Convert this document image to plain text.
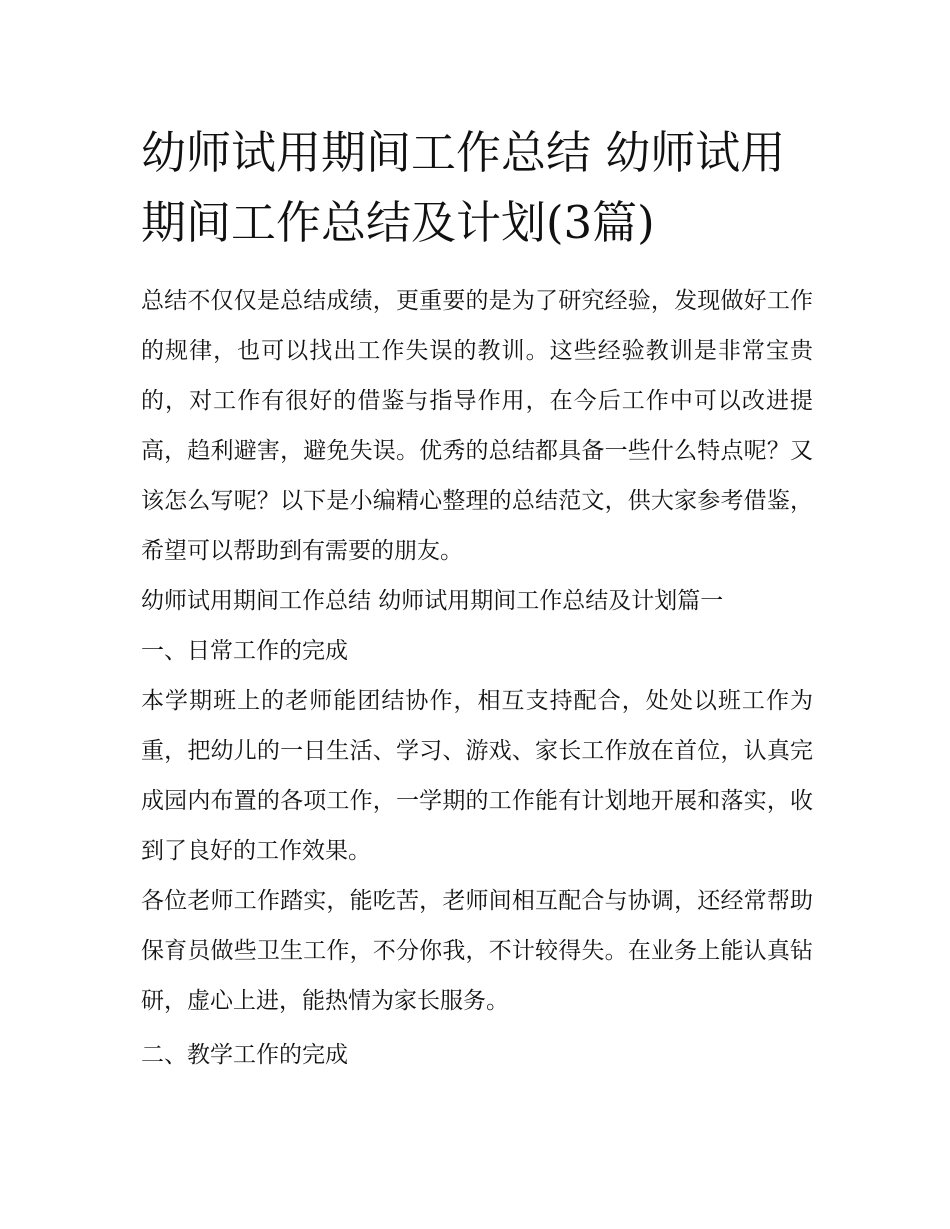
幼师试用期间工作总结 幼师试用期间工作总结及计划(3篇)

总结不仅仅是总结成绩，更重要的是为了研究经验，发现做好工作的规律，也可以找出工作失误的教训。这些经验教训是非常宝贵的，对工作有很好的借鉴与指导作用，在今后工作中可以改进提高，趋利避害，避免失误。优秀的总结都具备一些什么特点呢？又该怎么写呢？以下是小编精心整理的总结范文，供大家参考借鉴，希望可以帮助到有需要的朋友。

幼师试用期间工作总结 幼师试用期间工作总结及计划篇一

一、日常工作的完成

本学期班上的老师能团结协作，相互支持配合，处处以班工作为重，把幼儿的一日生活、学习、游戏、家长工作放在首位，认真完成园内布置的各项工作，一学期的工作能有计划地开展和落实，收到了良好的工作效果。

各位老师工作踏实，能吃苦，老师间相互配合与协调，还经常帮助保育员做些卫生工作，不分你我，不计较得失。在业务上能认真钻研，虚心上进，能热情为家长服务。

二、教学工作的完成
